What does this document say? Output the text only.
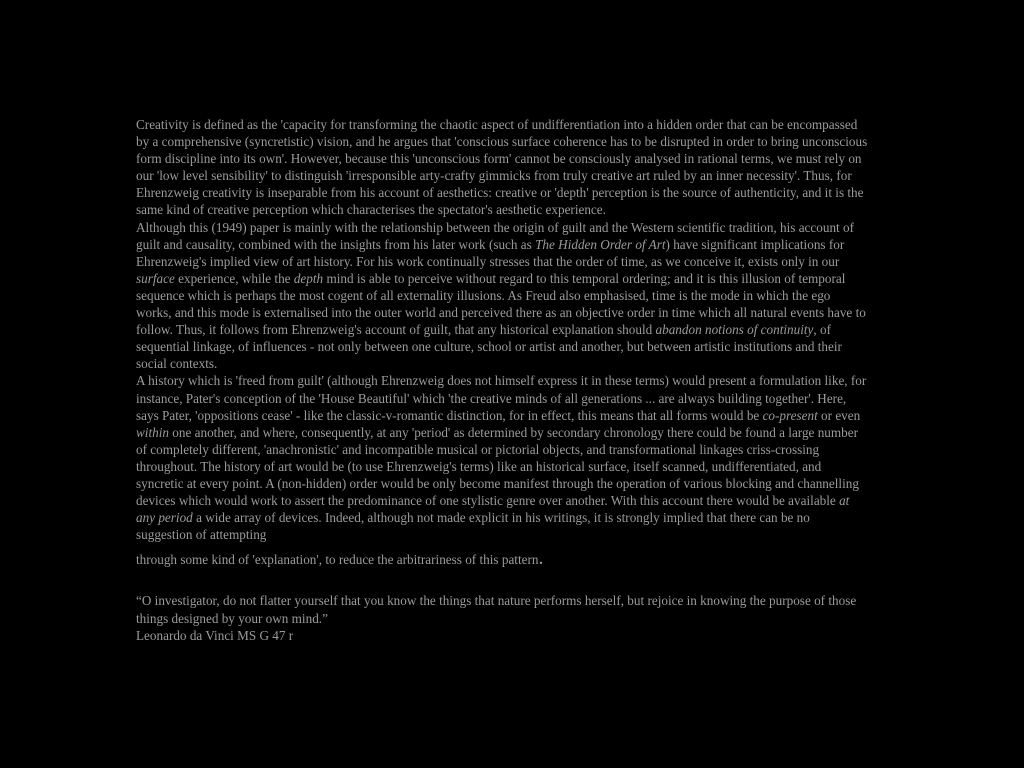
Creativity is defined as the 'capacity for transforming the chaotic aspect of undifferentiation into a hidden order that can be encompassed by a comprehensive (syncretistic) vision, and he argues that 'conscious surface coherence has to be disrupted in order to bring unconscious form discipline into its own'. However, because this 'unconscious form' cannot be consciously analysed in rational terms, we must rely on our 'low level sensibility' to distinguish 'irresponsible arty-crafty gimmicks from truly creative art ruled by an inner necessity'. Thus, for Ehrenzweig creativity is inseparable from his account of aesthetics: creative or 'depth' perception is the source of authenticity, and it is the same kind of creative perception which characterises the spectator's aesthetic experience.

Although this (1949) paper is mainly with the relationship between the origin of guilt and the Western scientific tradition, his account of guilt and causality, combined with the insights from his later work (such as The Hidden Order of Art) have significant implications for Ehrenzweig's implied view of art history. For his work continually stresses that the order of time, as we conceive it, exists only in our surface experience, while the depth mind is able to perceive without regard to this temporal ordering; and it is this illusion of temporal sequence which is perhaps the most cogent of all externality illusions. As Freud also emphasised, time is the mode in which the ego works, and this mode is externalised into the outer world and perceived there as an objective order in time which all natural events have to follow. Thus, it follows from Ehrenzweig's account of guilt, that any historical explanation should abandon notions of continuity, of sequential linkage, of influences - not only between one culture, school or artist and another, but between artistic institutions and their social contexts.

A history which is 'freed from guilt' (although Ehrenzweig does not himself express it in these terms) would present a formulation like, for instance, Pater's conception of the 'House Beautiful' which 'the creative minds of all generations ... are always building together'. Here, says Pater, 'oppositions cease' - like the classic-v-romantic distinction, for in effect, this means that all forms would be co-present or even within one another, and where, consequently, at any 'period' as determined by secondary chronology there could be found a large number of completely different, 'anachronistic' and incompatible musical or pictorial objects, and transformational linkages criss-crossing throughout. The history of art would be (to use Ehrenzweig's terms) like an historical surface, itself scanned, undifferentiated, and syncretic at every point. A (non-hidden) order would be only become manifest through the operation of various blocking and channelling devices which would work to assert the predominance of one stylistic genre over another. With this account there would be available at any period a wide array of devices. Indeed, although not made explicit in his writings, it is strongly implied that there can be no suggestion of attempting

through some kind of 'explanation', to reduce the arbitrariness of this pattern.

“O investigator, do not flatter yourself that you know the things that nature performs herself, but rejoice in knowing the purpose of those things designed by your own mind.”
Leonardo da Vinci MS G 47 r
